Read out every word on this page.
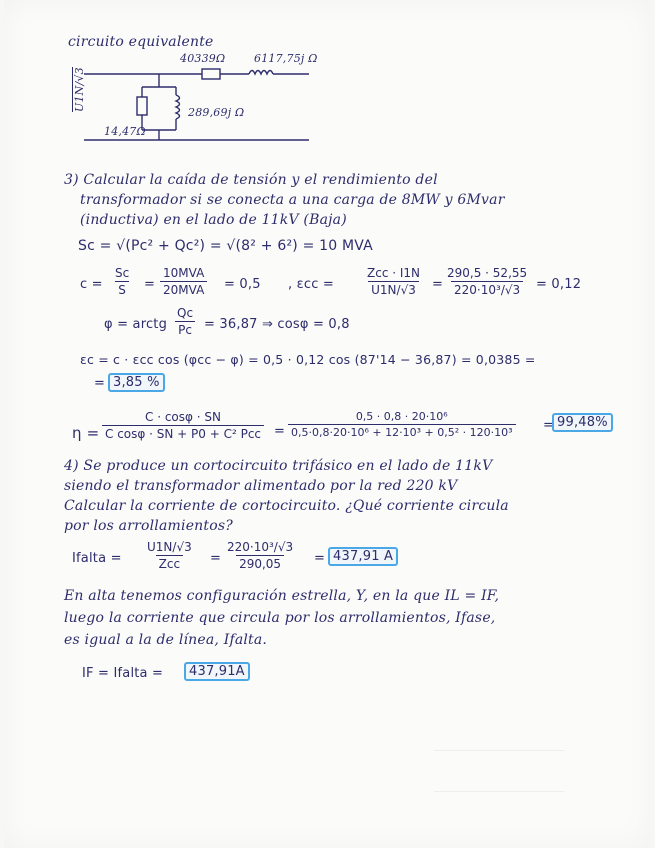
circuito equivalente
40339Ω	6117,75j Ω
U1N/√3
14,47Ω
289,69j Ω
3) Calcular la caída de tensión y el rendimiento del
transformador si se conecta a una carga de 8MW y 6Mvar
(inductiva) en el lado de 11kV (Baja)
Sc = √(Pc² + Qc²) = √(8² + 6²) = 10 MVA
$c = \frac{Sc}{S}$ =
10MVA
20MVA = 0,5 , εcc =
Zcc · I1N
$U1N/√3 = \frac{290,5 \cdot 52,55}{\text{220·10³/√3}} = 0,12$
φ = arctg $\frac{Qc}{Pc} = 36,87$ ⇒ cosφ = 0,8
εc = c · εcc cos (φcc − φ) = 0,5 · 0,12 cos (87'14 − 36,87) = 0,0385 =
= 3,85 %
η =
C · cosφ · SN
C cosφ · SN + P0 + C² Pcc = $\frac{\text{0,5 · 0,8 · 20·10⁶}}{\text{0,5·0,8·20·10⁶ + 12·10³ + 0,5² · 120·10³}} = 99,48\%$
4) Se produce un cortocircuito trifásico en el lado de 11kV
siendo el transformador alimentado por la red 220 kV
Calcular la corriente de cortocircuito. ¿Qué corriente circula
por los arrollamientos?
Ifalta =
U1N/√3
Zcc = $\frac{\text{220·10³/√3}}{290,05} = 437,91$ A
En alta tenemos configuración estrella, Y, en la que IL = IF,
luego la corriente que circula por los arrollamientos, Ifase,
es igual a la de línea, Ifalta.
IF = Ifalta =	437,91A
